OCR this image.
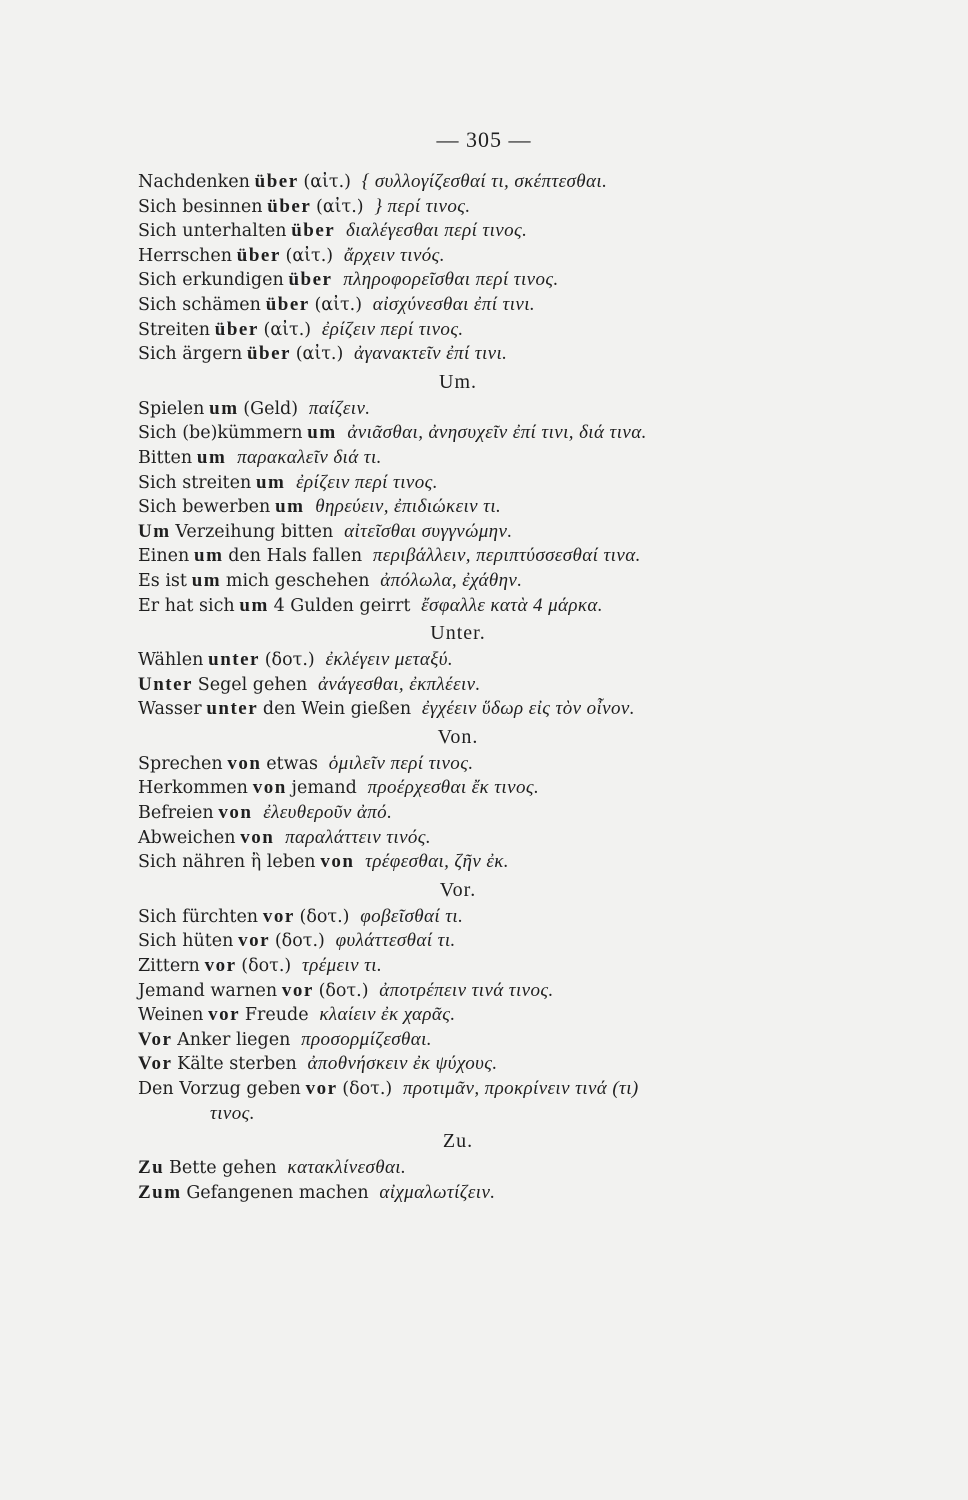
— 305 —
Nachdenken über (αἰτ.) { συλλογίζεσθαί τι, σκέπτεσθαι.
Sich besinnen über (αἰτ.) } περί τινος.
Sich unterhalten über διαλέγεσθαι περί τινος.
Herrschen über (αἰτ.) ἄρχειν τινός.
Sich erkundigen über πληροφορεῖσθαι περί τινος.
Sich schämen über (αἰτ.) αἰσχύνεσθαι ἐπί τινι.
Streiten über (αἰτ.) ἐρίζειν περί τινος.
Sich ärgern über (αἰτ.) ἀγανακτεῖν ἐπί τινι.
Um.
Spielen um (Geld) παίζειν.
Sich (be)kümmern um ἀνιᾶσθαι, ἀνησυχεῖν ἐπί τινι, διά τινα.
Bitten um παρακαλεῖν διά τι.
Sich streiten um ἐρίζειν περί τινος.
Sich bewerben um θηρεύειν, ἐπιδιώκειν τι.
Um Verzeihung bitten αἰτεῖσθαι συγγνώμην.
Einen um den Hals fallen περιβάλλειν, περιπτύσσεσθαί τινα.
Es ist um mich geschehen ἀπόλωλα, ἐχάθην.
Er hat sich um 4 Gulden geirrt ἔσφαλλε κατὰ 4 μάρκα.
Unter.
Wählen unter (δοτ.) ἐκλέγειν μεταξύ.
Unter Segel gehen ἀνάγεσθαι, ἐκπλέειν.
Wasser unter den Wein gießen ἐγχέειν ὕδωρ εἰς τὸν οἶνον.
Von.
Sprechen von etwas ὁμιλεῖν περί τινος.
Herkommen von jemand προέρχεσθαι ἔκ τινος.
Befreien von ἐλευθεροῦν ἀπό.
Abweichen von παραλάττειν τινός.
Sich nähren ἢ leben von τρέφεσθαι, ζῆν ἐκ.
Vor.
Sich fürchten vor (δοτ.) φοβεῖσθαί τι.
Sich hüten vor (δοτ.) φυλάττεσθαί τι.
Zittern vor (δοτ.) τρέμειν τι.
Jemand warnen vor (δοτ.) ἀποτρέπειν τινά τινος.
Weinen vor Freude κλαίειν ἐκ χαρᾶς.
Vor Anker liegen προσορμίζεσθαι.
Vor Kälte sterben ἀποθνήσκειν ἐκ ψύχους.
Den Vorzug geben vor (δοτ.) προτιμᾶν, προκρίνειν τινά (τι)
τινος.
Zu.
Zu Bette gehen κατακλίνεσθαι.
Zum Gefangenen machen αἰχμαλωτίζειν.
